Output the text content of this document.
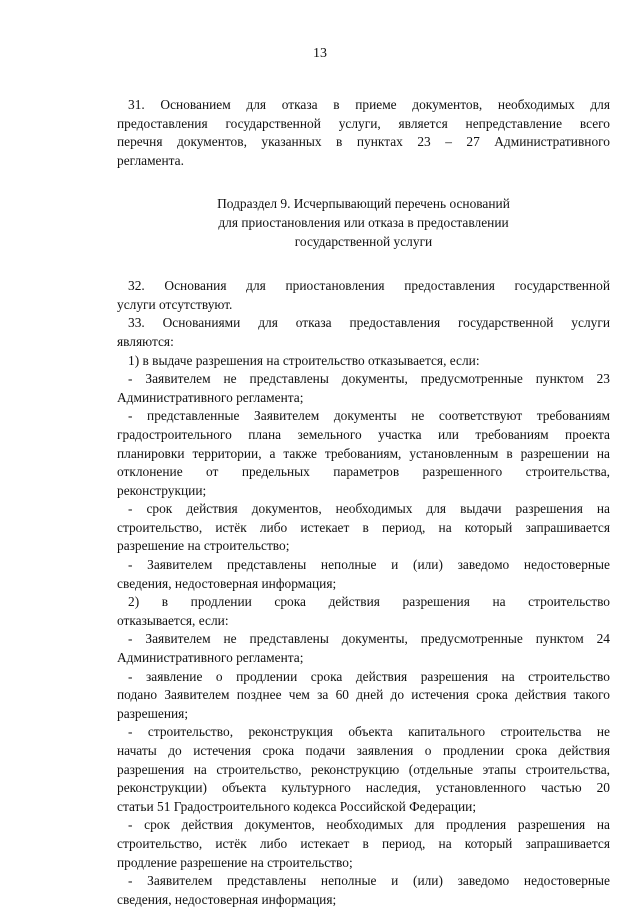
13
31. Основанием для отказа в приеме документов, необходимых для
предоставления государственной услуги, является непредставление всего
перечня документов, указанных в пунктах 23 – 27 Административного
регламента.
Подраздел 9. Исчерпывающий перечень оснований
для приостановления или отказа в предоставлении
государственной услуги
32. Основания для приостановления предоставления государственной
услуги отсутствуют.
33. Основаниями для отказа предоставления государственной услуги
являются:
1) в выдаче разрешения на строительство отказывается, если:
- Заявителем не представлены документы, предусмотренные пунктом 23
Административного регламента;
- представленные Заявителем документы не соответствуют требованиям
градостроительного плана земельного участка или требованиям проекта
планировки территории, а также требованиям, установленным в разрешении на
отклонение от предельных параметров разрешенного строительства,
реконструкции;
- срок действия документов, необходимых для выдачи разрешения на
строительство, истёк либо истекает в период, на который запрашивается
разрешение на строительство;
- Заявителем представлены неполные и (или) заведомо недостоверные
сведения, недостоверная информация;
2) в продлении срока действия разрешения на строительство
отказывается, если:
- Заявителем не представлены документы, предусмотренные пунктом 24
Административного регламента;
- заявление о продлении срока действия разрешения на строительство
подано Заявителем позднее чем за 60 дней до истечения срока действия такого
разрешения;
- строительство, реконструкция объекта капитального строительства не
начаты до истечения срока подачи заявления о продлении срока действия
разрешения на строительство, реконструкцию (отдельные этапы строительства,
реконструкции) объекта культурного наследия, установленного частью 20
статьи 51 Градостроительного кодекса Российской Федерации;
- срок действия документов, необходимых для продления разрешения на
строительство, истёк либо истекает в период, на который запрашивается
продление разрешение на строительство;
- Заявителем представлены неполные и (или) заведомо недостоверные
сведения, недостоверная информация;
